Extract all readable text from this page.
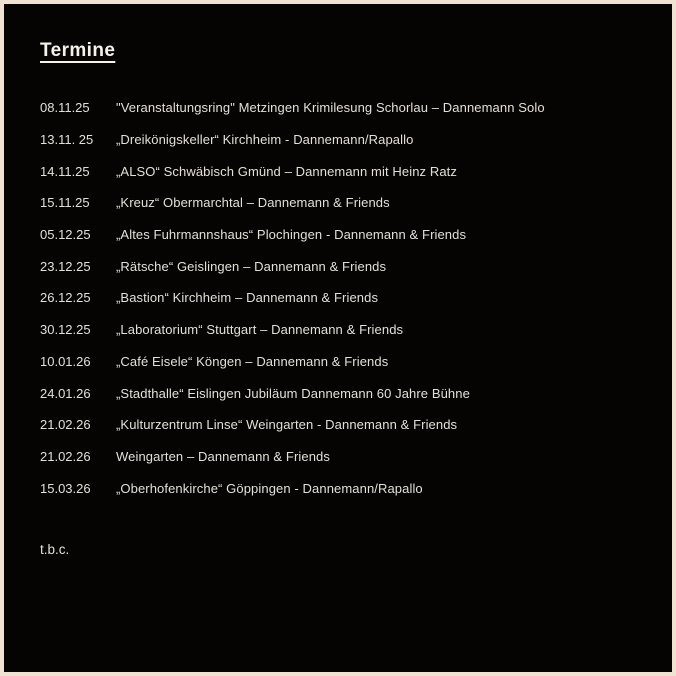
Termine
08.11.25	"Veranstaltungsring" Metzingen Krimilesung Schorlau – Dannemann Solo
13.11. 25	„Dreikönigskeller“ Kirchheim - Dannemann/Rapallo
14.11.25	„ALSO“ Schwäbisch Gmünd – Dannemann mit Heinz Ratz
15.11.25	„Kreuz“ Obermarchtal – Dannemann & Friends
05.12.25	„Altes Fuhrmannshaus“ Plochingen - Dannemann & Friends
23.12.25	„Rätsche“ Geislingen – Dannemann & Friends
26.12.25	„Bastion“ Kirchheim – Dannemann & Friends
30.12.25	„Laboratorium“ Stuttgart – Dannemann & Friends
10.01.26	„Café Eisele“ Köngen – Dannemann & Friends
24.01.26	„Stadthalle“ Eislingen Jubiläum Dannemann 60 Jahre Bühne
21.02.26	„Kulturzentrum Linse“ Weingarten - Dannemann & Friends
21.02.26	Weingarten – Dannemann & Friends
15.03.26	„Oberhofenkirche“ Göppingen - Dannemann/Rapallo
t.b.c.
